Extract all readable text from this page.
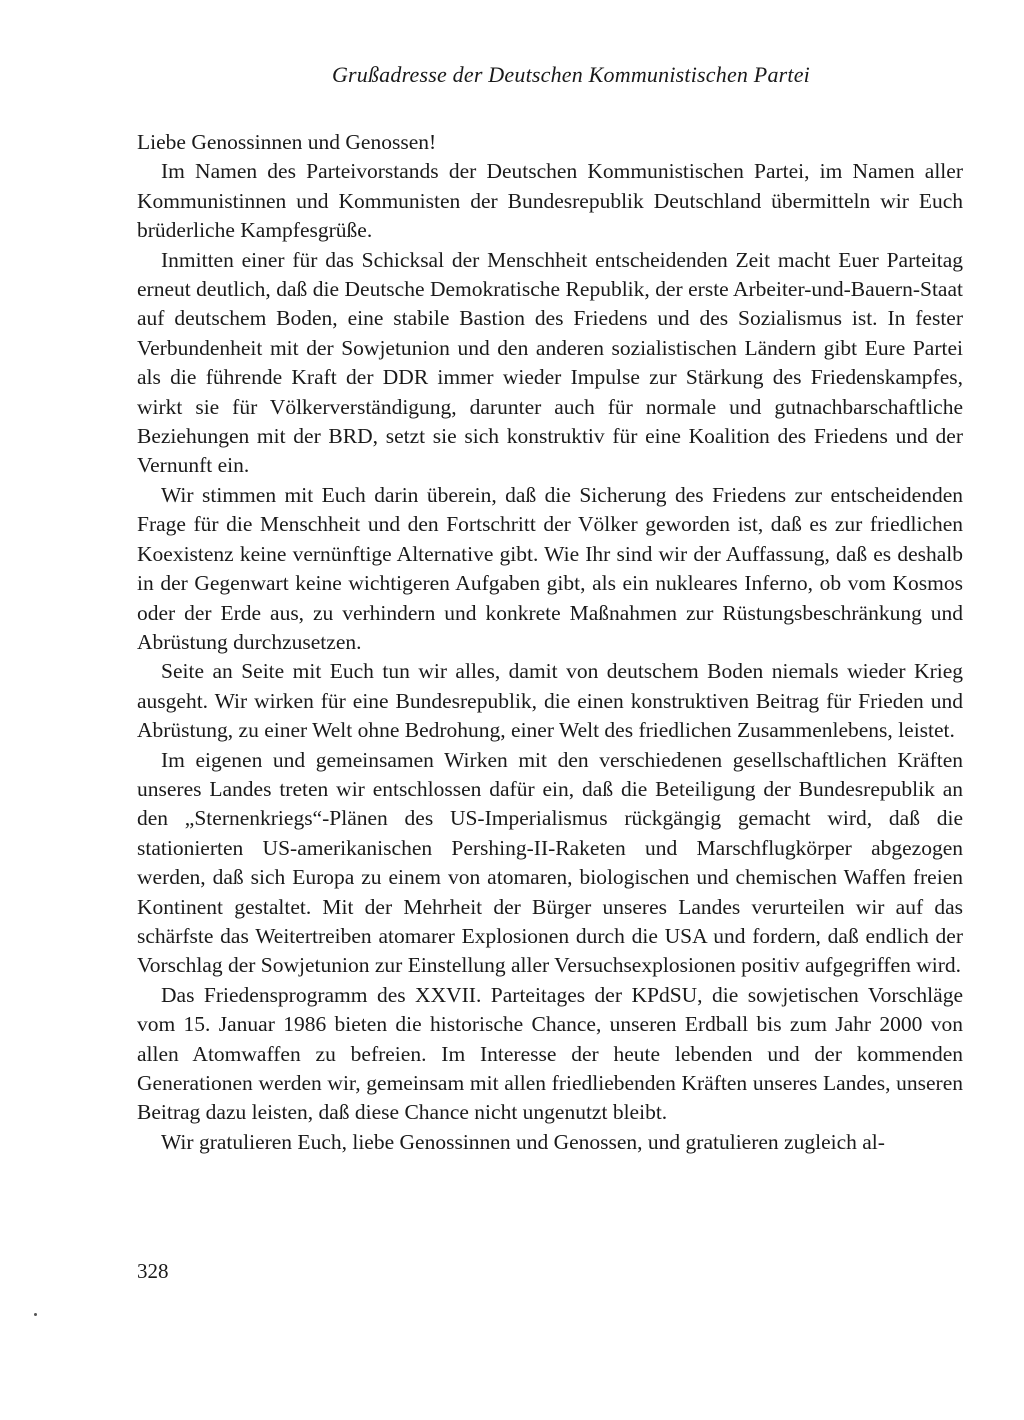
Grußadresse der Deutschen Kommunistischen Partei

Liebe Genossinnen und Genossen!

Im Namen des Parteivorstands der Deutschen Kommunistischen Partei, im Namen aller Kommunistinnen und Kommunisten der Bundesrepublik Deutschland übermitteln wir Euch brüderliche Kampfesgrüße.

Inmitten einer für das Schicksal der Menschheit entscheidenden Zeit macht Euer Parteitag erneut deutlich, daß die Deutsche Demokratische Republik, der erste Arbeiter-und-Bauern-Staat auf deutschem Boden, eine stabile Bastion des Friedens und des Sozialismus ist. In fester Verbundenheit mit der Sowjetunion und den anderen sozialistischen Ländern gibt Eure Partei als die führende Kraft der DDR immer wieder Impulse zur Stärkung des Friedenskampfes, wirkt sie für Völkerverständigung, darunter auch für normale und gutnachbarschaftliche Beziehungen mit der BRD, setzt sie sich konstruktiv für eine Koalition des Friedens und der Vernunft ein.

Wir stimmen mit Euch darin überein, daß die Sicherung des Friedens zur entscheidenden Frage für die Menschheit und den Fortschritt der Völker geworden ist, daß es zur friedlichen Koexistenz keine vernünftige Alternative gibt. Wie Ihr sind wir der Auffassung, daß es deshalb in der Gegenwart keine wichtigeren Aufgaben gibt, als ein nukleares Inferno, ob vom Kosmos oder der Erde aus, zu verhindern und konkrete Maßnahmen zur Rüstungsbeschränkung und Abrüstung durchzusetzen.

Seite an Seite mit Euch tun wir alles, damit von deutschem Boden niemals wieder Krieg ausgeht. Wir wirken für eine Bundesrepublik, die einen konstruktiven Beitrag für Frieden und Abrüstung, zu einer Welt ohne Bedrohung, einer Welt des friedlichen Zusammenlebens, leistet.

Im eigenen und gemeinsamen Wirken mit den verschiedenen gesellschaftlichen Kräften unseres Landes treten wir entschlossen dafür ein, daß die Beteiligung der Bundesrepublik an den „Sternenkriegs“-Plänen des US-Imperialismus rückgängig gemacht wird, daß die stationierten US-amerikanischen Pershing-II-Raketen und Marschflugkörper abgezogen werden, daß sich Europa zu einem von atomaren, biologischen und chemischen Waffen freien Kontinent gestaltet. Mit der Mehrheit der Bürger unseres Landes verurteilen wir auf das schärfste das Weitertreiben atomarer Explosionen durch die USA und fordern, daß endlich der Vorschlag der Sowjetunion zur Einstellung aller Versuchsexplosionen positiv aufgegriffen wird.

Das Friedensprogramm des XXVII. Parteitages der KPdSU, die sowjetischen Vorschläge vom 15. Januar 1986 bieten die historische Chance, unseren Erdball bis zum Jahr 2000 von allen Atomwaffen zu befreien. Im Interesse der heute lebenden und der kommenden Generationen werden wir, gemeinsam mit allen friedliebenden Kräften unseres Landes, unseren Beitrag dazu leisten, daß diese Chance nicht ungenutzt bleibt.

Wir gratulieren Euch, liebe Genossinnen und Genossen, und gratulieren zugleich al-

328
